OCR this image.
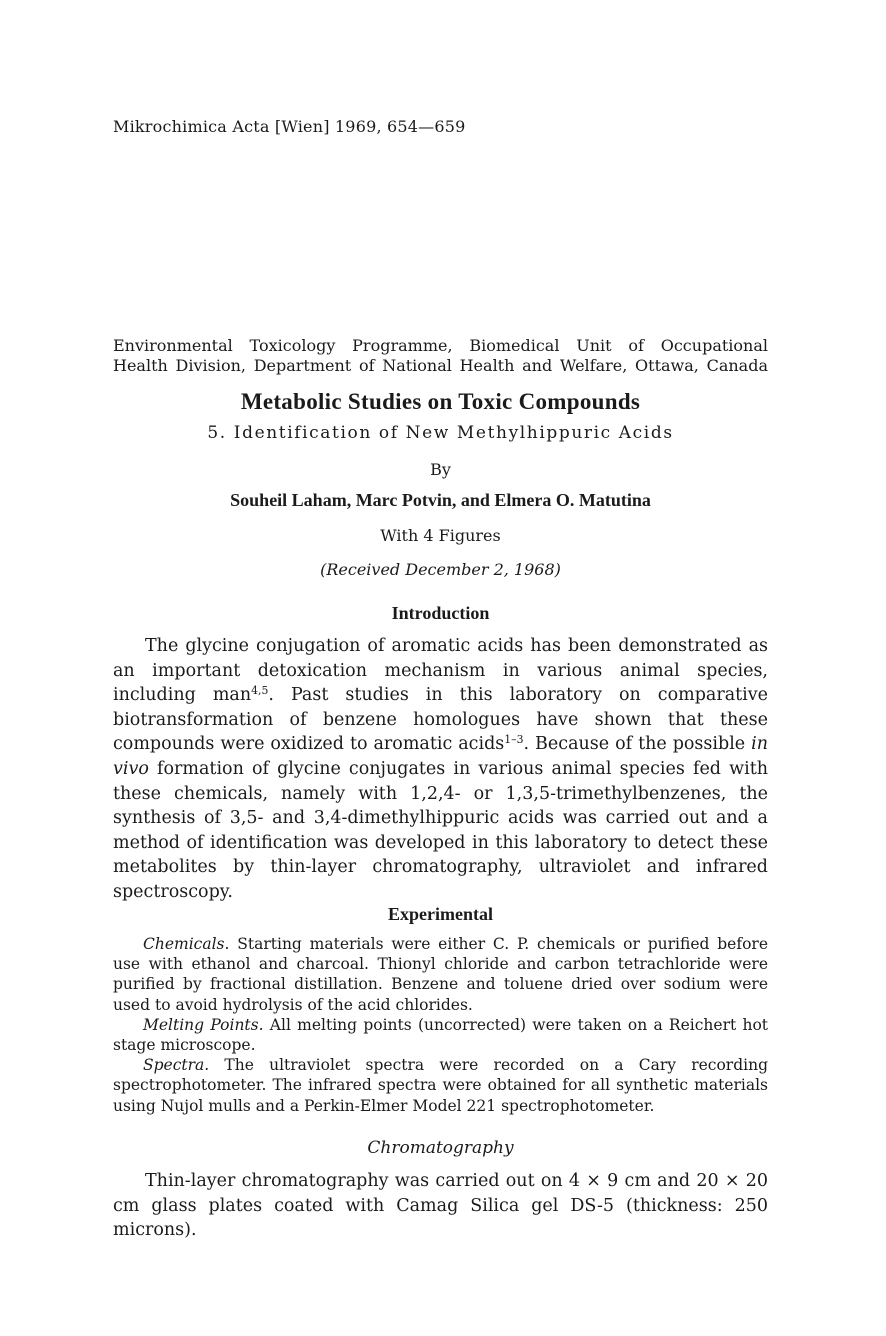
Mikrochimica Acta [Wien] 1969, 654—659
Environmental Toxicology Programme, Biomedical Unit of Occupational
Health Division, Department of National Health and Welfare, Ottawa, Canada
Metabolic Studies on Toxic Compounds
5. Identification of New Methylhippuric Acids
By
Souheil Laham, Marc Potvin, and Elmera O. Matutina
With 4 Figures
(Received December 2, 1968)
Introduction

The glycine conjugation of aromatic acids has been demonstrated as an important detoxication mechanism in various animal species, including man$^{4,5}$. Past studies in this laboratory on comparative biotransformation of benzene homologues have shown that these compounds were oxidized to aromatic acids$^{1-3}$. Because of the possible in vivo formation of glycine conjugates in various animal species fed with these chemicals, namely with 1,2,4- or 1,3,5-trimethylbenzenes, the synthesis of 3,5- and 3,4-dimethylhippuric acids was carried out and a method of identification was developed in this laboratory to detect these metabolites by thin-layer chromatography, ultraviolet and infrared spectroscopy.

Experimental

Chemicals. Starting materials were either C. P. chemicals or purified before use with ethanol and charcoal. Thionyl chloride and carbon tetrachloride were purified by fractional distillation. Benzene and toluene dried over sodium were used to avoid hydrolysis of the acid chlorides.

Melting Points. All melting points (uncorrected) were taken on a Reichert hot stage microscope.

Spectra. The ultraviolet spectra were recorded on a Cary recording spectrophotometer. The infrared spectra were obtained for all synthetic materials using Nujol mulls and a Perkin-Elmer Model 221 spectrophotometer.

Chromatography

Thin-layer chromatography was carried out on 4 × 9 cm and 20 × 20 cm glass plates coated with Camag Silica gel DS-5 (thickness: 250 microns).
